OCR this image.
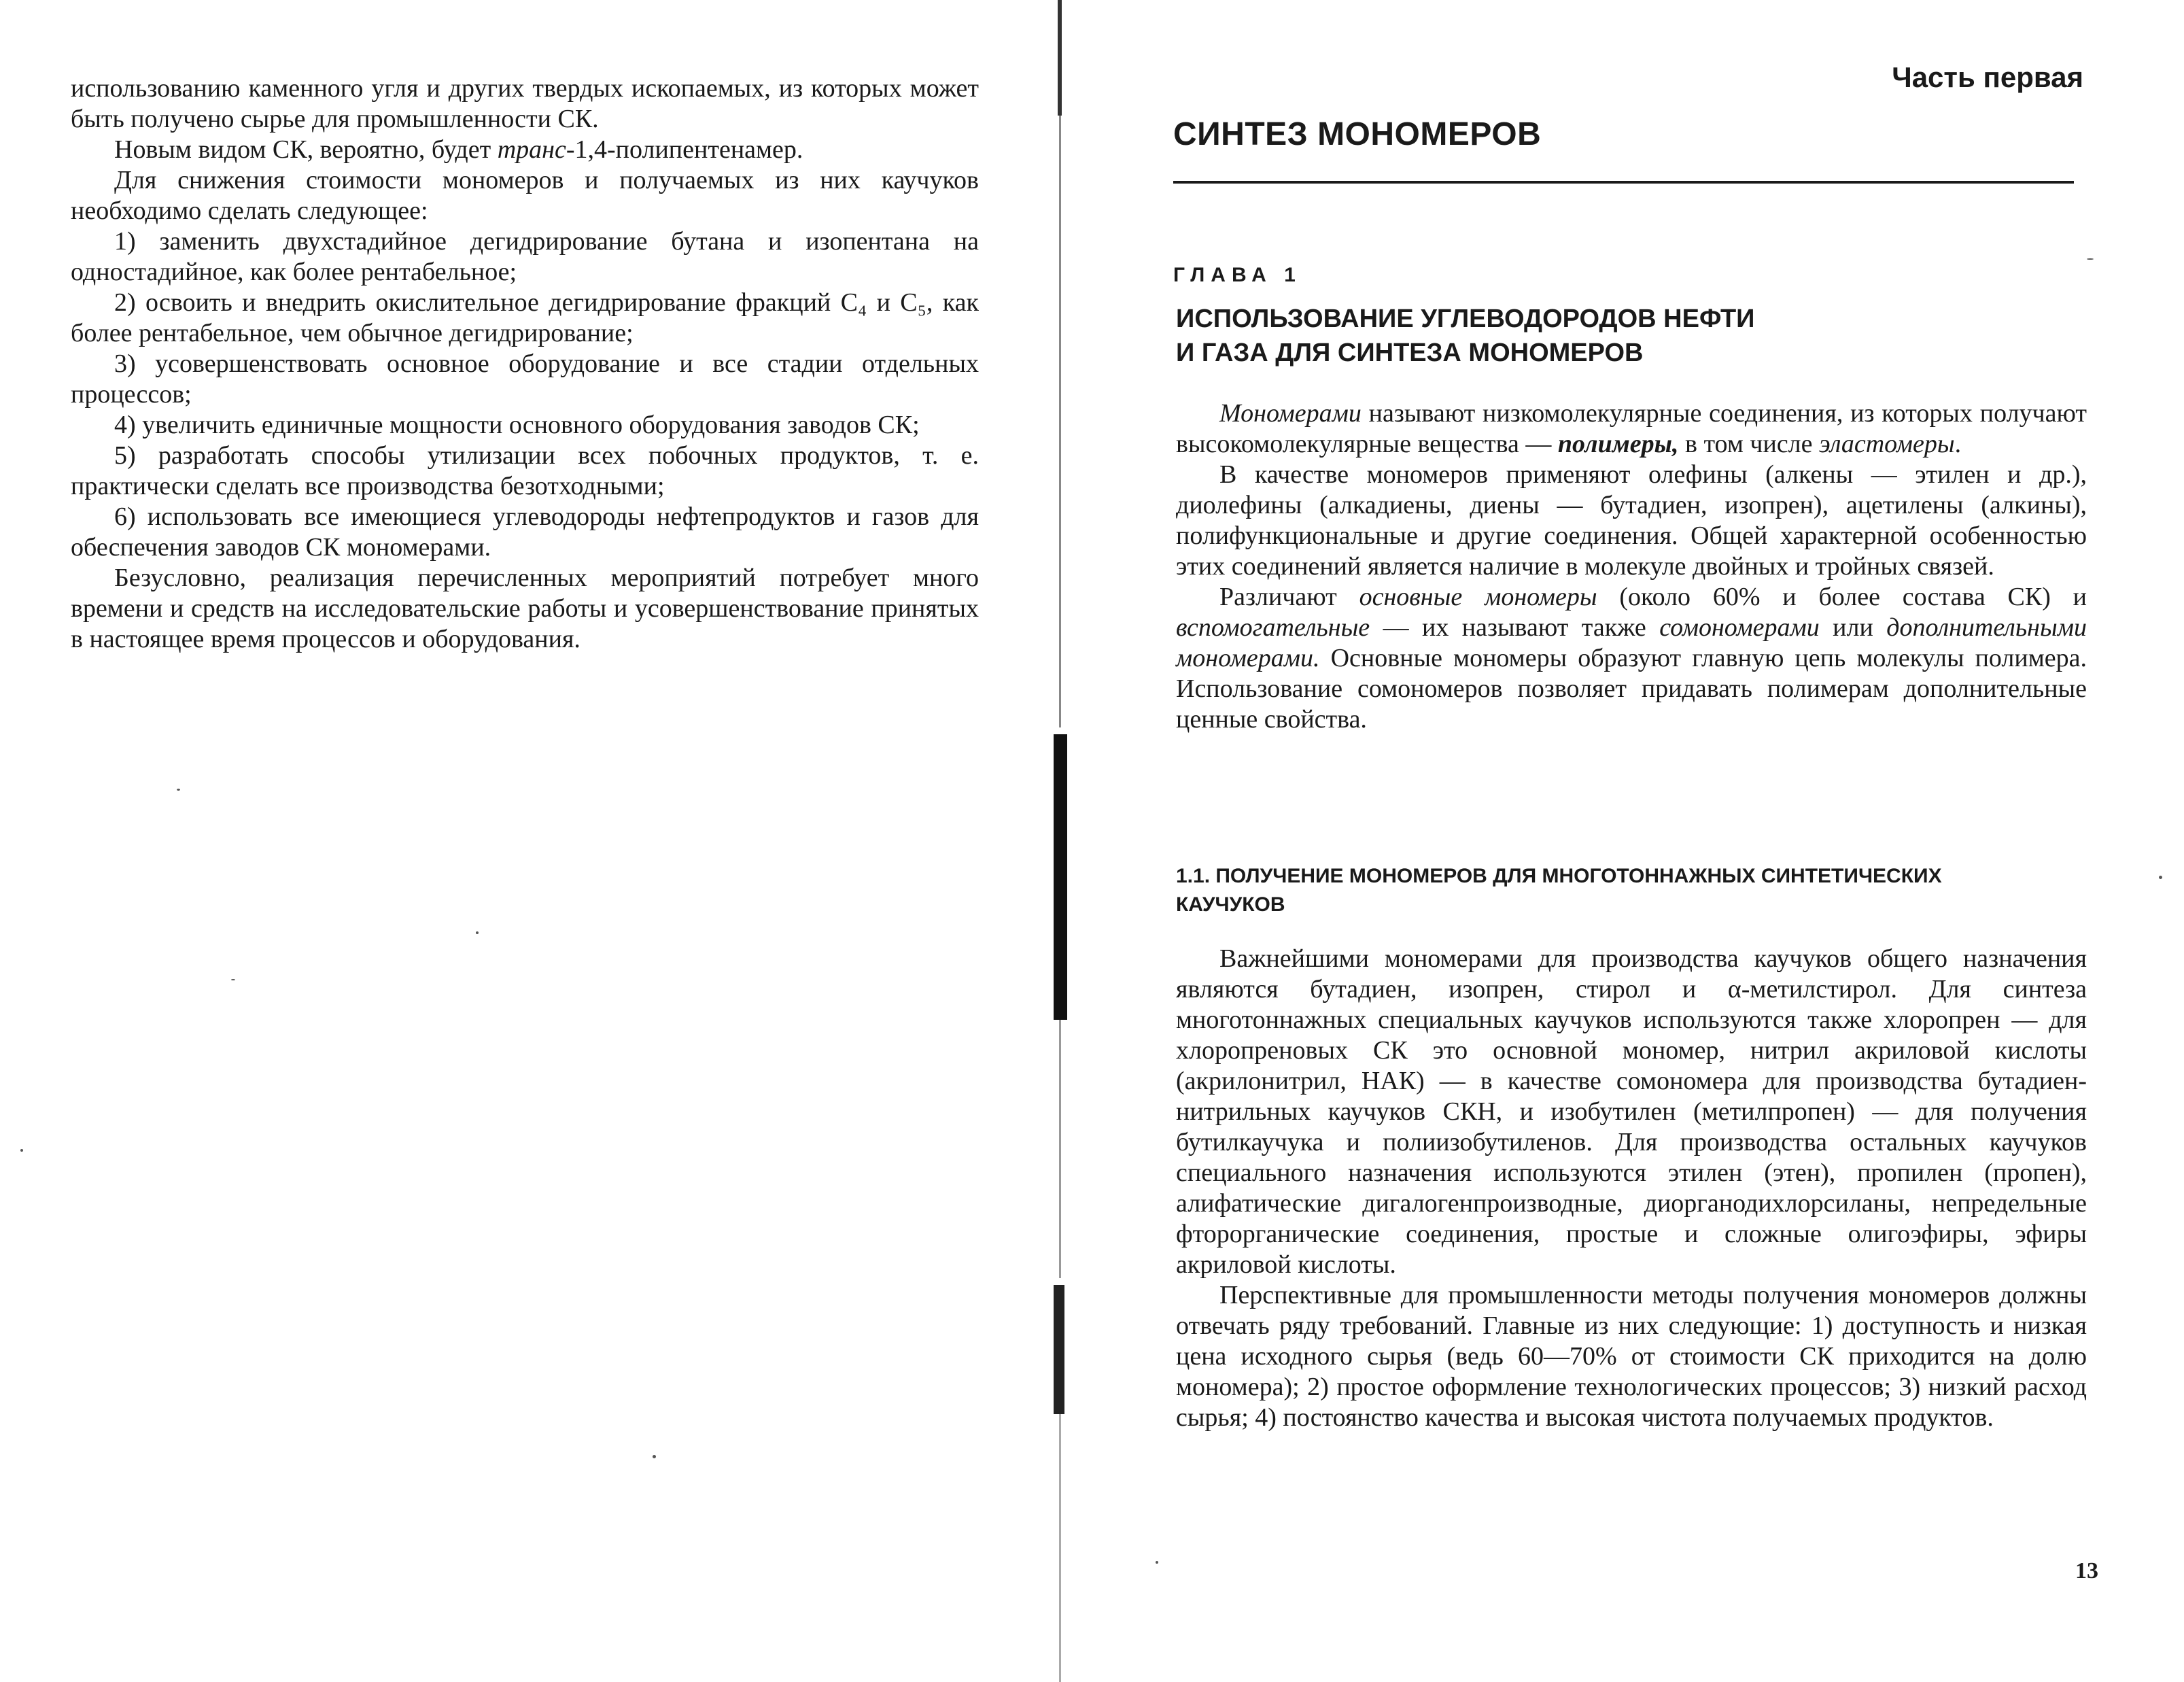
использованию каменного угля и других твердых ископаемых, из которых может быть получено сырье для промышленности СК.

Новым видом СК, вероятно, будет транс-1,4-полипентенамер.

Для снижения стоимости мономеров и получаемых из них каучуков необходимо сделать следующее:

1) заменить двухстадийное дегидрирование бутана и изопентана на одностадийное, как более рентабельное;

2) освоить и внедрить окислительное дегидрирование фракций С₄ и С₅, как более рентабельное, чем обычное дегидрирование;

3) усовершенствовать основное оборудование и все стадии отдельных процессов;

4) увеличить единичные мощности основного оборудования заводов СК;

5) разработать способы утилизации всех побочных продуктов, т. е. практически сделать все производства безотходными;

6) использовать все имеющиеся углеводороды нефтепродуктов и газов для обеспечения заводов СК мономерами.

Безусловно, реализация перечисленных мероприятий потребует много времени и средств на исследовательские работы и усовершенствование принятых в настоящее время процессов и оборудования.

Часть первая
СИНТЕЗ МОНОМЕРОВ
ГЛАВА 1
ИСПОЛЬЗОВАНИЕ УГЛЕВОДОРОДОВ НЕФТИ
И ГАЗА ДЛЯ СИНТЕЗА МОНОМЕРОВ

Мономерами называют низкомолекулярные соединения, из которых получают высокомолекулярные вещества — полимеры, в том числе эластомеры.

В качестве мономеров применяют олефины (алкены — этилен и др.), диолефины (алкадиены, диены — бутадиен, изопрен), ацетилены (алкины), полифункциональные и другие соединения. Общей характерной особенностью этих соединений является наличие в молекуле двойных и тройных связей.

Различают основные мономеры (около 60% и более состава СК) и вспомогательные — их называют также сомономерами или дополнительными мономерами. Основные мономеры образуют главную цепь молекулы полимера. Использование сомономеров позволяет придавать полимерам дополнительные ценные свойства.

1.1. ПОЛУЧЕНИЕ МОНОМЕРОВ ДЛЯ МНОГОТОННАЖНЫХ СИНТЕТИЧЕСКИХ
КАУЧУКОВ

Важнейшими мономерами для производства каучуков общего назначения являются бутадиен, изопрен, стирол и α-метилстирол. Для синтеза многотоннажных специальных каучуков используются также хлоропрен — для хлоропреновых СК это основной мономер, нитрил акриловой кислоты (акрилонитрил, НАК) — в качестве сомономера для производства бутадиен-нитрильных каучуков СКН, и изобутилен (метилпропен) — для получения бутилкаучука и полиизобутиленов. Для производства остальных каучуков специального назначения используются этилен (этен), пропилен (пропен), алифатические дигалогенпроизводные, диорганодихлорсиланы, непредельные фторорганические соединения, простые и сложные олигоэфиры, эфиры акриловой кислоты.

Перспективные для промышленности методы получения мономеров должны отвечать ряду требований. Главные из них следующие: 1) доступность и низкая цена исходного сырья (ведь 60—70% от стоимости СК приходится на долю мономера); 2) простое оформление технологических процессов; 3) низкий расход сырья; 4) постоянство качества и высокая чистота получаемых продуктов.

13
